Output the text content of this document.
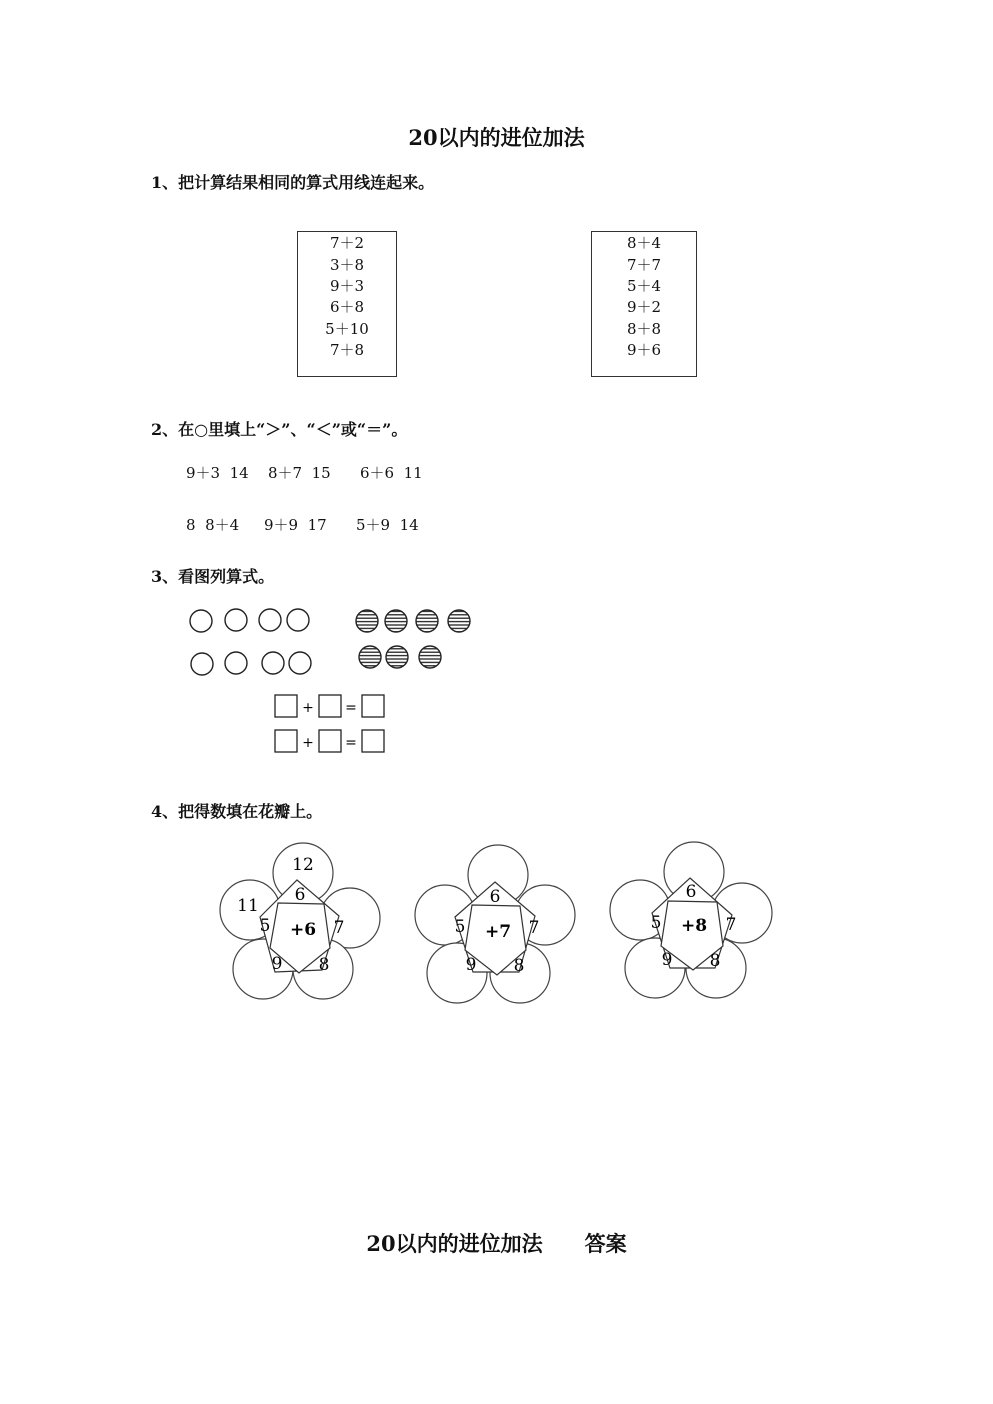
20以内的进位加法
1、把计算结果相同的算式用线连起来。
7＋2
3＋8
9＋3
6＋8
5＋10
7＋8
8＋4
7＋7
5＋4
9＋2
8＋8
9＋6
2、在○里填上“＞”、“＜”或“＝”。
9＋3  14 8＋7  15 6＋6  11
8  8＋4 9＋9  17 5＋9  14
3、看图列算式。
+ =
+ =
4、把得数填在花瓣上。
12
11
6
5	7
9 8
+6
6
5	7
9 8
+7
6
5	7
9 8
+8
20以内的进位加法　　答案
